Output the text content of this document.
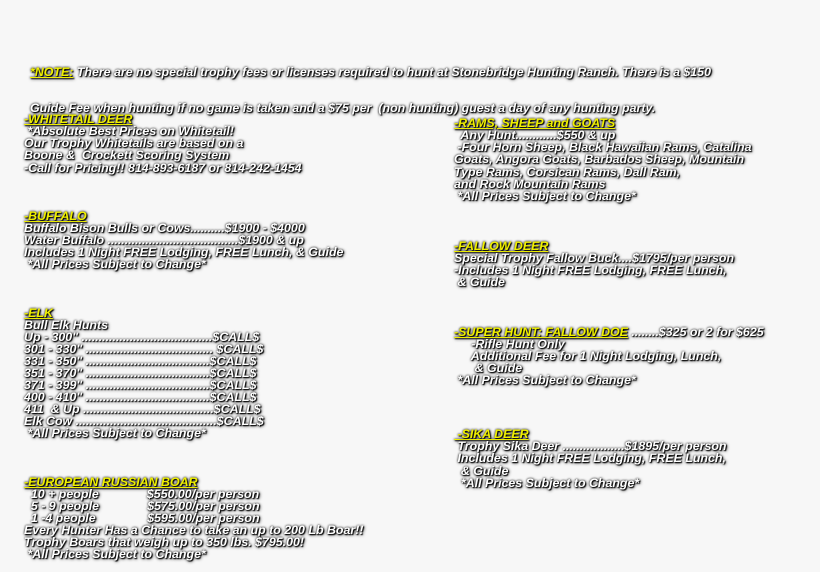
*NOTE: There are no special trophy fees or licenses required to hunt at Stonebridge Hunting Ranch. There is a $150

Guide Fee when hunting if no game is taken and a $75 per  (non hunting) guest a day of any hunting party.

-WHITETAIL DEER
*Absolute Best Prices on Whitetail!
Our Trophy Whitetails are based on a
Boone &  Crockett Scoring System
-Call for Pricing!! 814-893-6187 or 814-242-1454

-BUFFALO
Buffalo Bison Bulls or Cows..........$1900 - $4000
Water Buffalo ......................................$1900 & up
Includes 1 Night FREE Lodging, FREE Lunch, & Guide
*All Prices Subject to Change*

-ELK
Bull Elk Hunts
Up - 300" ......................................$CALL$
301 - 330" ..................................... $CALL$
331 - 350" ....................................$CALL$
351 - 370" ....................................$CALL$
371 - 399" ....................................$CALL$
400 - 410" ....................................$CALL$
411  & Up ......................................$CALL$
Elk Cow .........................................$CALL$
*All Prices Subject to Change*

-EUROPEAN RUSSIAN BOAR
10 + people              $550.00/per person
5 - 9 people              $575.00/per person
1 -4 people               $595.00/per person
Every Hunter Has a Chance to take an up to 200 Lb Boar!!
Trophy Boars that weigh up to 350 lbs. $795.00!
*All Prices Subject to Change*

-RAMS, SHEEP and GOATS
Any Hunt............$550 & up
-Four Horn Sheep, Black Hawaiian Rams, Catalina
Goats, Angora Goats, Barbados Sheep, Mountain
Type Rams, Corsican Rams, Dall Ram,
and Rock Mountain Rams
*All Prices Subject to Change*

-FALLOW DEER
Special Trophy Fallow Buck....$1795/per person
-Includes 1 Night FREE Lodging, FREE Lunch,
& Guide

-SUPER HUNT: FALLOW DOE ........$325 or 2 for $625
-Rifle Hunt Only
Additional Fee for 1 Night Lodging, Lunch,
& Guide
*All Prices Subject to Change*

-SIKA DEER
Trophy Sika Deer ..................$1895/per person
Includes 1 Night FREE Lodging, FREE Lunch,
& Guide
*All Prices Subject to Change*
